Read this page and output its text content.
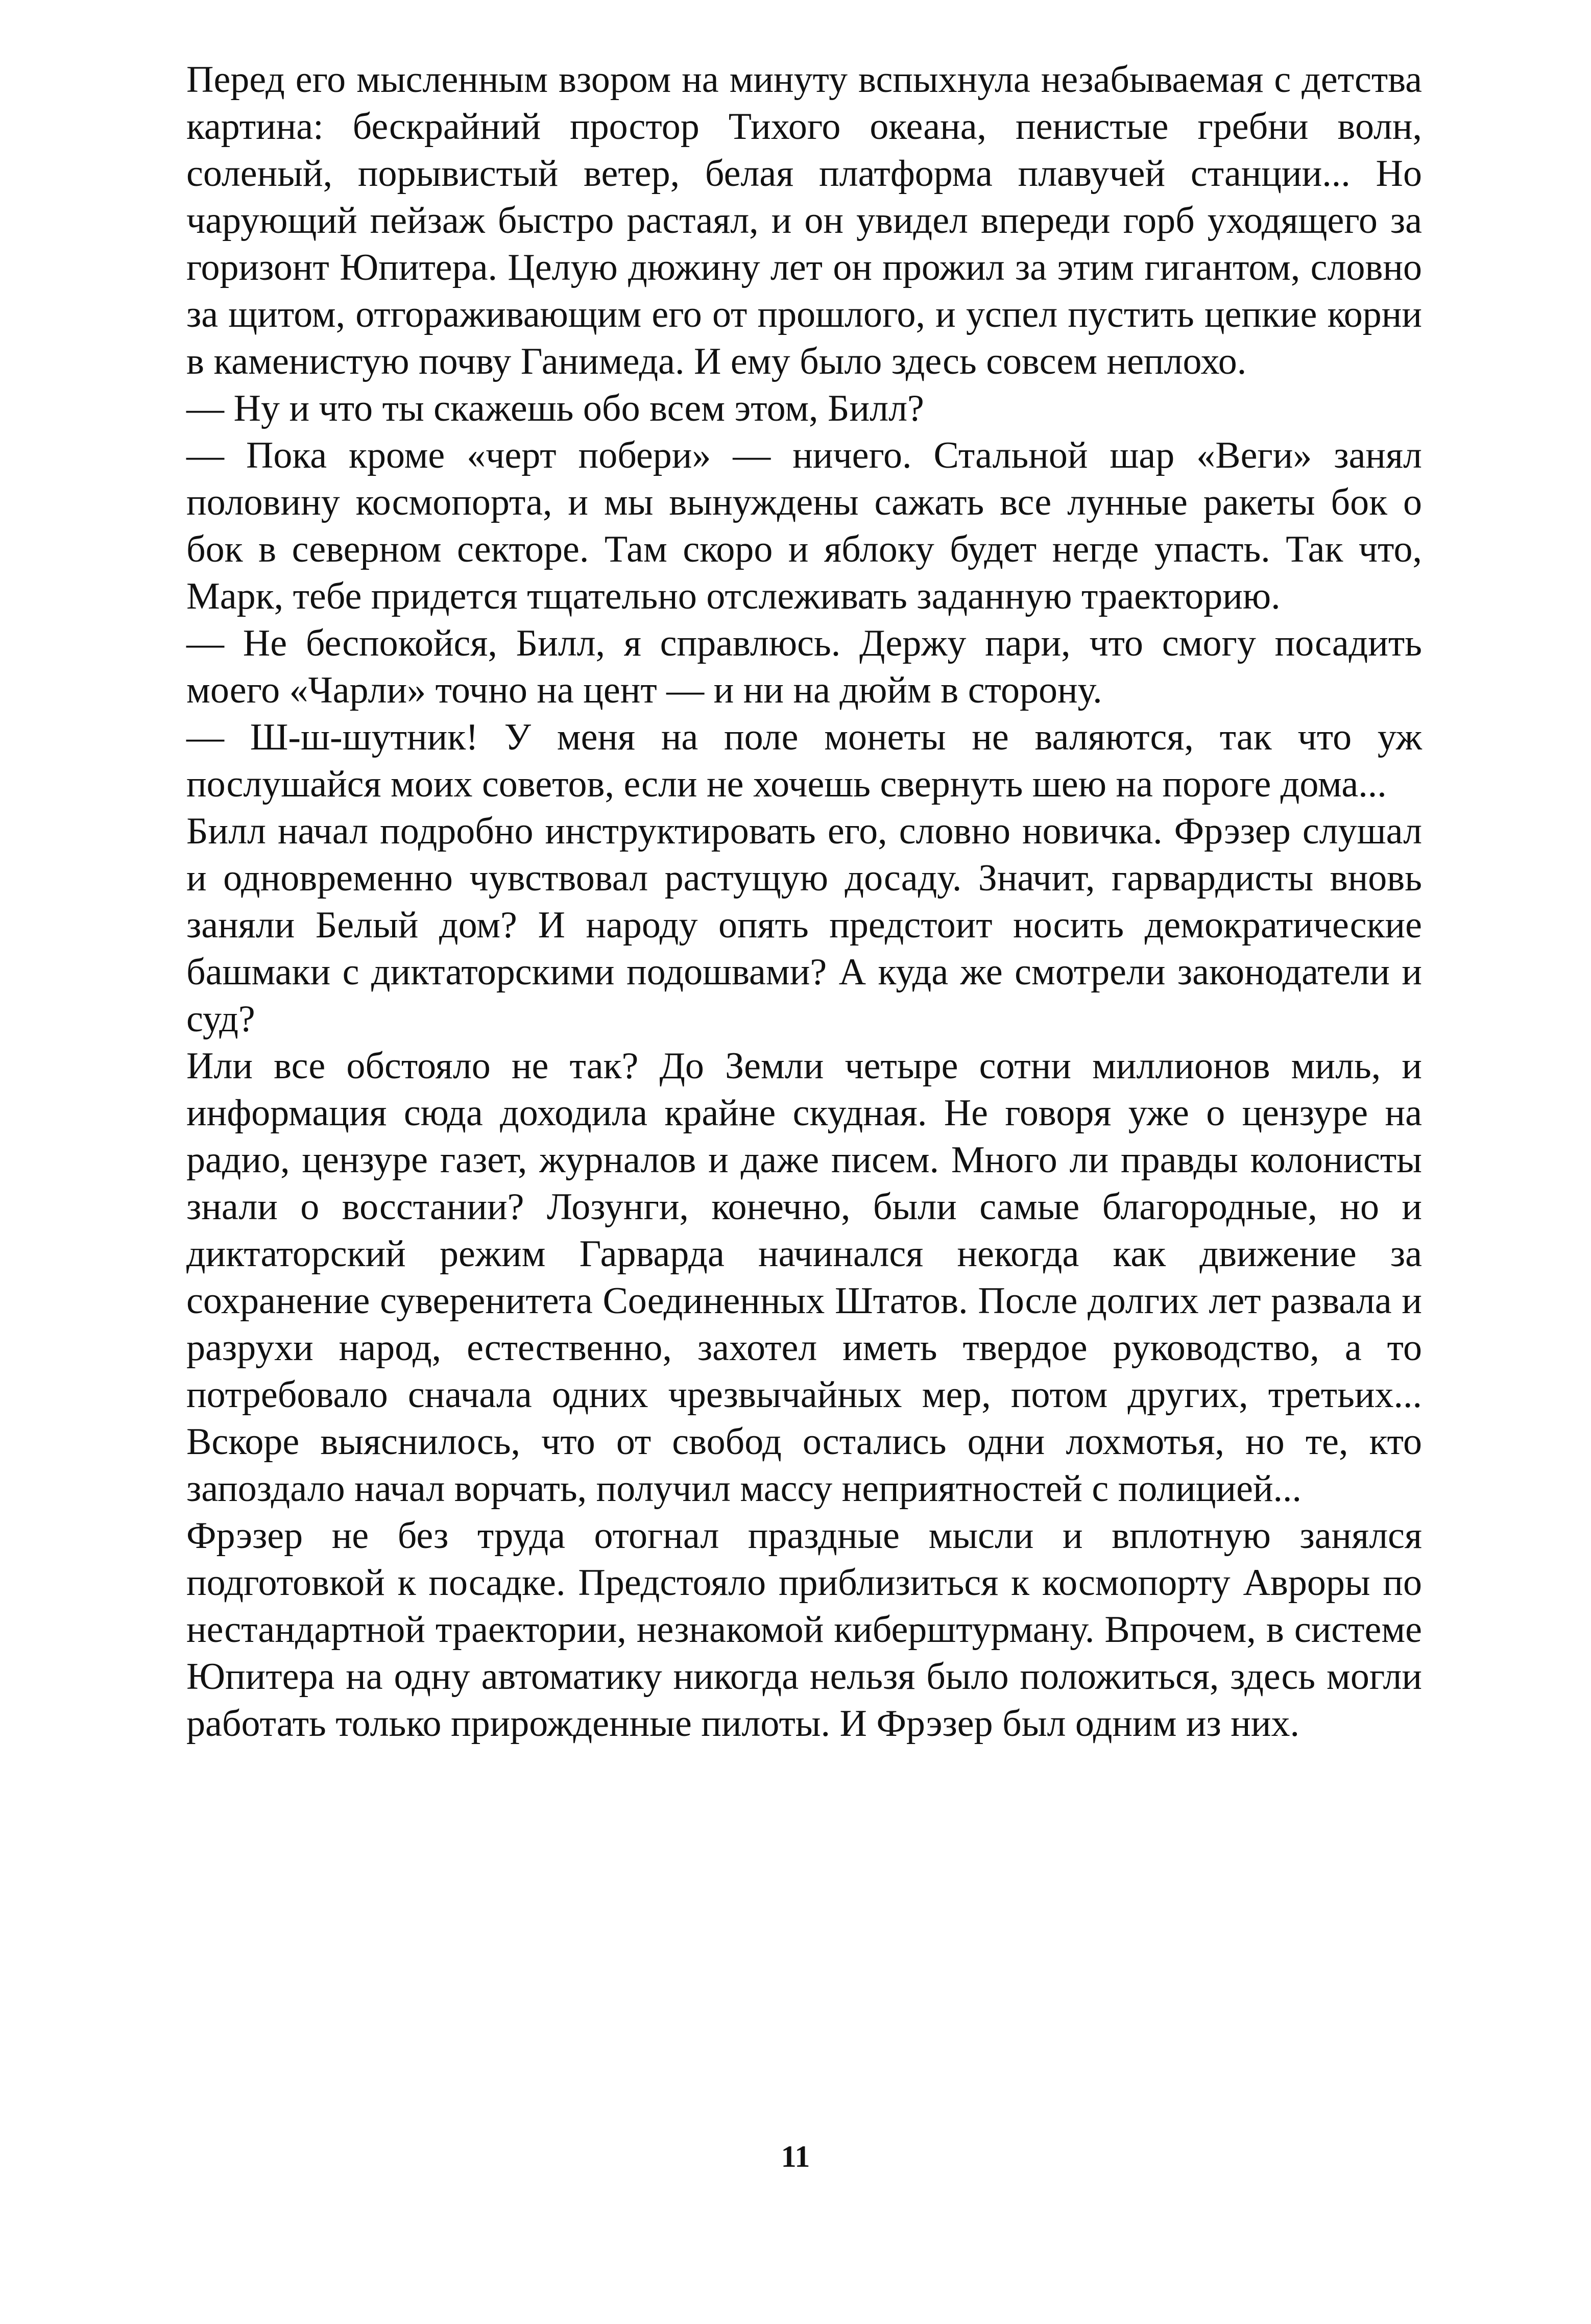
Перед его мысленным взором на минуту вспыхнула незабываемая с детства картина: бескрайний простор Тихого океана, пенистые гребни волн, соленый, порывистый ветер, белая платформа плавучей станции... Но чарующий пейзаж быстро растаял, и он увидел впереди горб уходящего за горизонт Юпитера. Целую дюжину лет он прожил за этим гигантом, словно за щитом, отгораживающим его от прошлого, и успел пустить цепкие корни в каменистую почву Ганимеда. И ему было здесь совсем неплохо.

— Ну и что ты скажешь обо всем этом, Билл?

— Пока кроме «черт побери» — ничего. Стальной шар «Веги» занял половину космопорта, и мы вынуждены сажать все лунные ракеты бок о бок в северном секторе. Там скоро и яблоку будет негде упасть. Так что, Марк, тебе придется тщательно отслеживать заданную траекторию.

— Не беспокойся, Билл, я справлюсь. Держу пари, что смогу посадить моего «Чарли» точно на цент — и ни на дюйм в сторону.

— Ш-ш-шутник! У меня на поле монеты не валяются, так что уж послушайся моих советов, если не хочешь свернуть шею на пороге дома...

Билл начал подробно инструктировать его, словно новичка. Фрэзер слушал и одновременно чувствовал растущую досаду. Значит, гарвардисты вновь заняли Белый дом? И народу опять предстоит носить демократические башмаки с диктаторскими подошвами? А куда же смотрели законодатели и суд?

Или все обстояло не так? До Земли четыре сотни миллионов миль, и информация сюда доходила крайне скудная. Не говоря уже о цензуре на радио, цензуре газет, журналов и даже писем. Много ли правды колонисты знали о восстании? Лозунги, конечно, были самые благородные, но и диктаторский режим Гарварда начинался некогда как движение за сохранение суверенитета Соединенных Штатов. После долгих лет развала и разрухи народ, естественно, захотел иметь твердое руководство, а то потребовало сначала одних чрезвычайных мер, потом других, третьих... Вскоре выяснилось, что от свобод остались одни лохмотья, но те, кто запоздало начал ворчать, получил массу неприятностей с полицией...

Фрэзер не без труда отогнал праздные мысли и вплотную занялся подготовкой к посадке. Предстояло приблизиться к космопорту Авроры по нестандартной траектории, незнакомой киберштурману. Впрочем, в системе Юпитера на одну автоматику никогда нельзя было положиться, здесь могли работать только прирожденные пилоты. И Фрэзер был одним из них.

11
